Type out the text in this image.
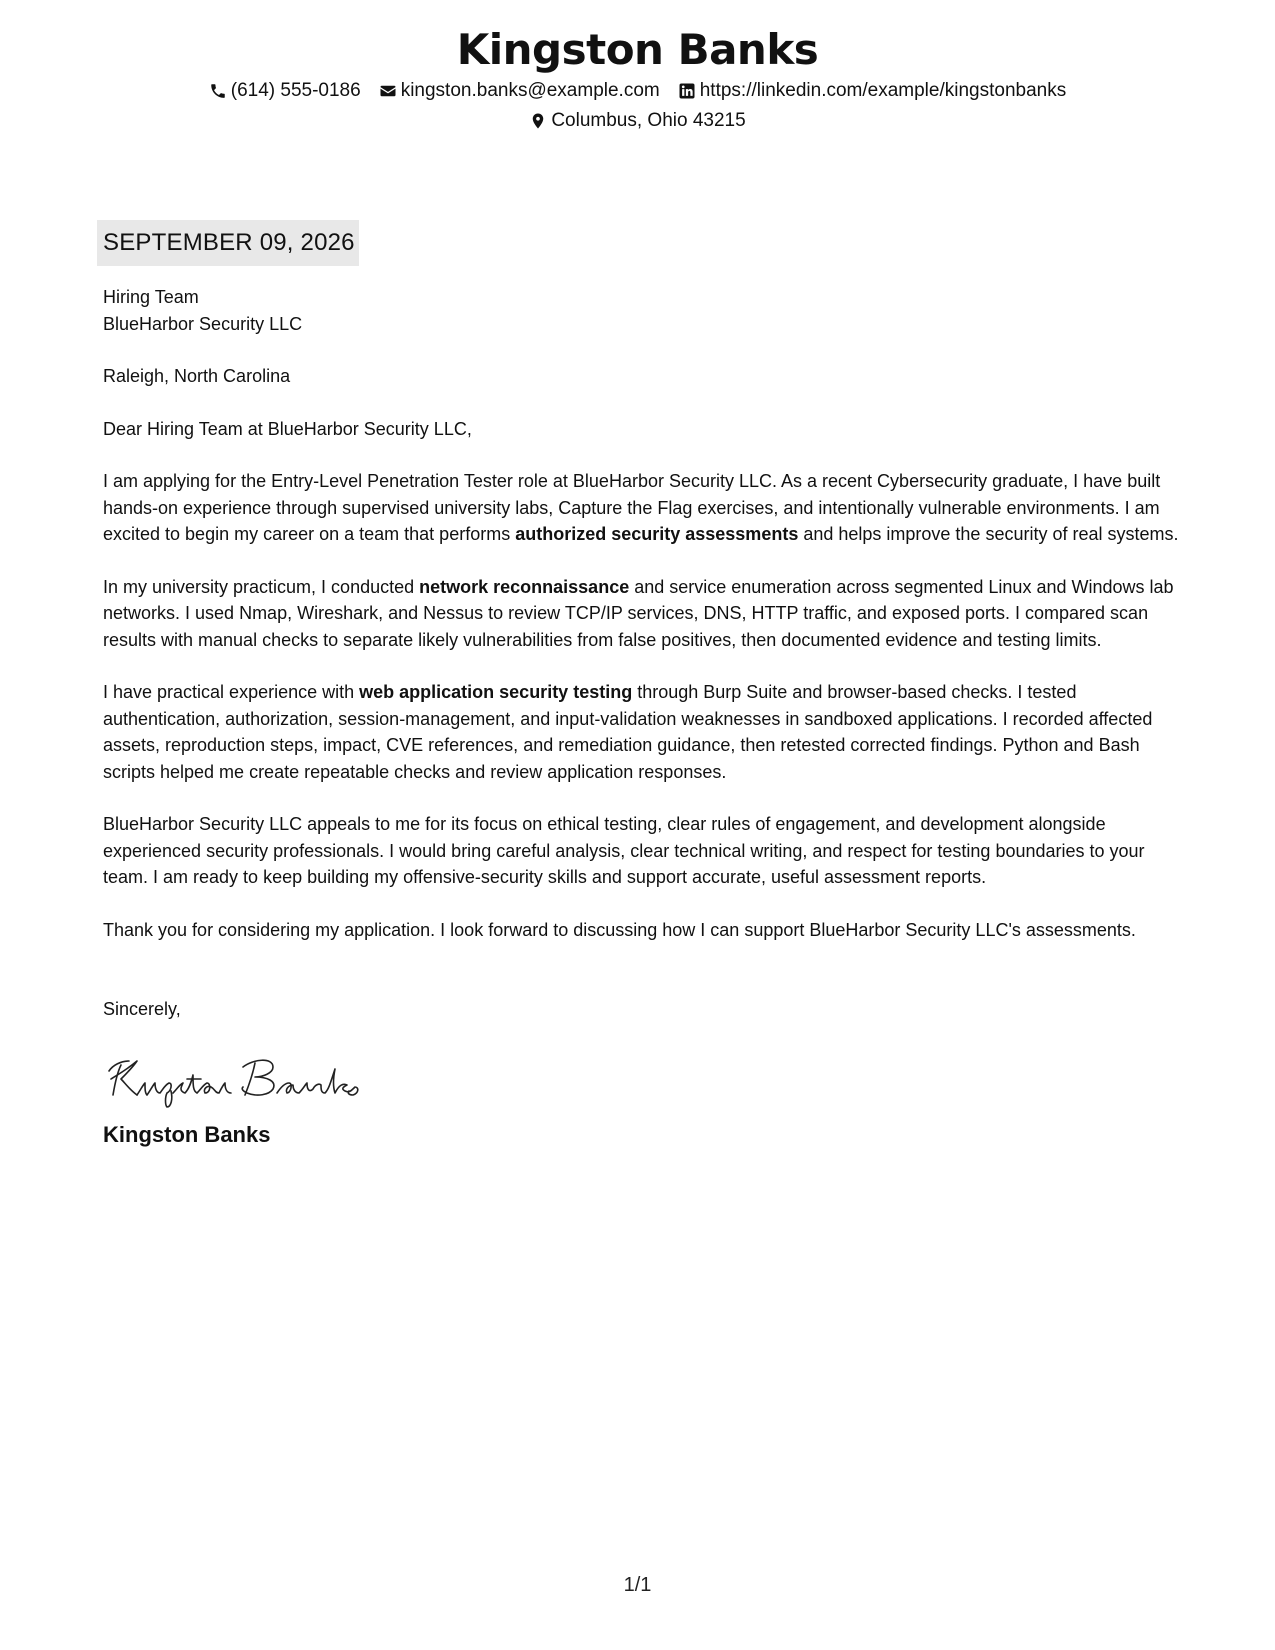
Kingston Banks
(614) 555-0186 kingston.banks@example.com https://linkedin.com/example/kingstonbanks
Columbus, Ohio 43215
SEPTEMBER 09, 2026
Hiring Team
BlueHarbor Security LLC
Raleigh, North Carolina
Dear Hiring Team at BlueHarbor Security LLC,

I am applying for the Entry-Level Penetration Tester role at BlueHarbor Security LLC. As a recent Cybersecurity graduate, I have built hands-on experience through supervised university labs, Capture the Flag exercises, and intentionally vulnerable environments. I am excited to begin my career on a team that performs authorized security assessments and helps improve the security of real systems.

In my university practicum, I conducted network reconnaissance and service enumeration across segmented Linux and Windows lab networks. I used Nmap, Wireshark, and Nessus to review TCP/IP services, DNS, HTTP traffic, and exposed ports. I compared scan results with manual checks to separate likely vulnerabilities from false positives, then documented evidence and testing limits.

I have practical experience with web application security testing through Burp Suite and browser-based checks. I tested authentication, authorization, session-management, and input-validation weaknesses in sandboxed applications. I recorded affected assets, reproduction steps, impact, CVE references, and remediation guidance, then retested corrected findings. Python and Bash scripts helped me create repeatable checks and review application responses.

BlueHarbor Security LLC appeals to me for its focus on ethical testing, clear rules of engagement, and development alongside experienced security professionals. I would bring careful analysis, clear technical writing, and respect for testing boundaries to your team. I am ready to keep building my offensive-security skills and support accurate, useful assessment reports.

Thank you for considering my application. I look forward to discussing how I can support BlueHarbor Security LLC's assessments.

Sincerely,
Kingston Banks
1/1
